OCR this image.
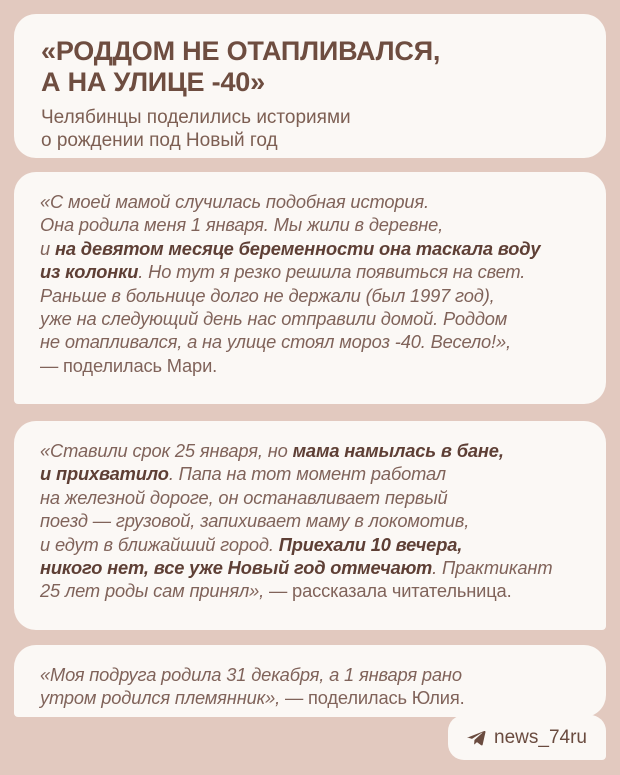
«РОДДОМ НЕ ОТАПЛИВАЛСЯ,
А НА УЛИЦЕ -40»

Челябинцы поделились историями
о рождении под Новый год

«С моей мамой случилась подобная история.
Она родила меня 1 января. Мы жили в деревне,
и на девятом месяце беременности она таскала воду
из колонки. Но тут я резко решила появиться на свет.
Раньше в больнице долго не держали (был 1997 год),
уже на следующий день нас отправили домой. Роддом
не отапливался, а на улице стоял мороз -40. Весело!»,
— поделилась Мари.

«Ставили срок 25 января, но мама намылась в бане,
и прихватило. Папа на тот момент работал
на железной дороге, он останавливает первый
поезд — грузовой, запихивает маму в локомотив,
и едут в ближайший город. Приехали 10 вечера,
никого нет, все уже Новый год отмечают. Практикант
25 лет роды сам принял», — рассказала читательница.

«Моя подруга родила 31 декабря, а 1 января рано
утром родился племянник», — поделилась Юлия.

news_74ru
